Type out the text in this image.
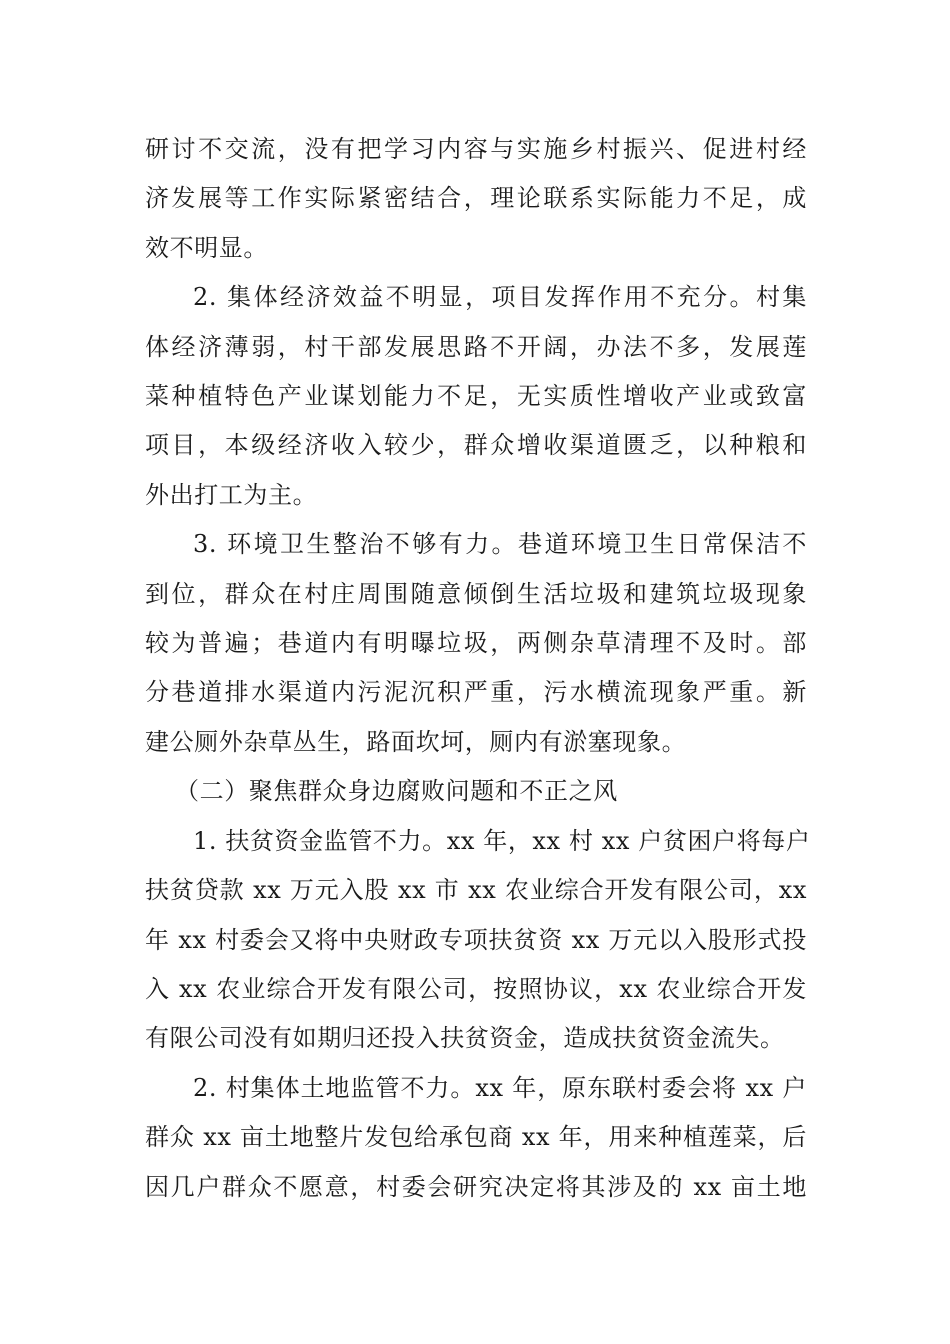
研讨不交流，没有把学习内容与实施乡村振兴、促进村经
济发展等工作实际紧密结合，理论联系实际能力不足，成
效不明显。

2. 集体经济效益不明显，项目发挥作用不充分。村集
体经济薄弱，村干部发展思路不开阔，办法不多，发展莲
菜种植特色产业谋划能力不足，无实质性增收产业或致富
项目，本级经济收入较少，群众增收渠道匮乏，以种粮和
外出打工为主。

3. 环境卫生整治不够有力。巷道环境卫生日常保洁不
到位，群众在村庄周围随意倾倒生活垃圾和建筑垃圾现象
较为普遍；巷道内有明曝垃圾，两侧杂草清理不及时。部
分巷道排水渠道内污泥沉积严重，污水横流现象严重。新
建公厕外杂草丛生，路面坎坷，厕内有淤塞现象。

（二）聚焦群众身边腐败问题和不正之风

1. 扶贫资金监管不力。xx 年，xx 村 xx 户贫困户将每户
扶贫贷款 xx 万元入股 xx 市 xx 农业综合开发有限公司，xx
年 xx 村委会又将中央财政专项扶贫资 xx 万元以入股形式投
入 xx 农业综合开发有限公司，按照协议，xx 农业综合开发
有限公司没有如期归还投入扶贫资金，造成扶贫资金流失。

2. 村集体土地监管不力。xx 年，原东联村委会将 xx 户
群众 xx 亩土地整片发包给承包商 xx 年，用来种植莲菜，后
因几户群众不愿意，村委会研究决定将其涉及的 xx 亩土地
